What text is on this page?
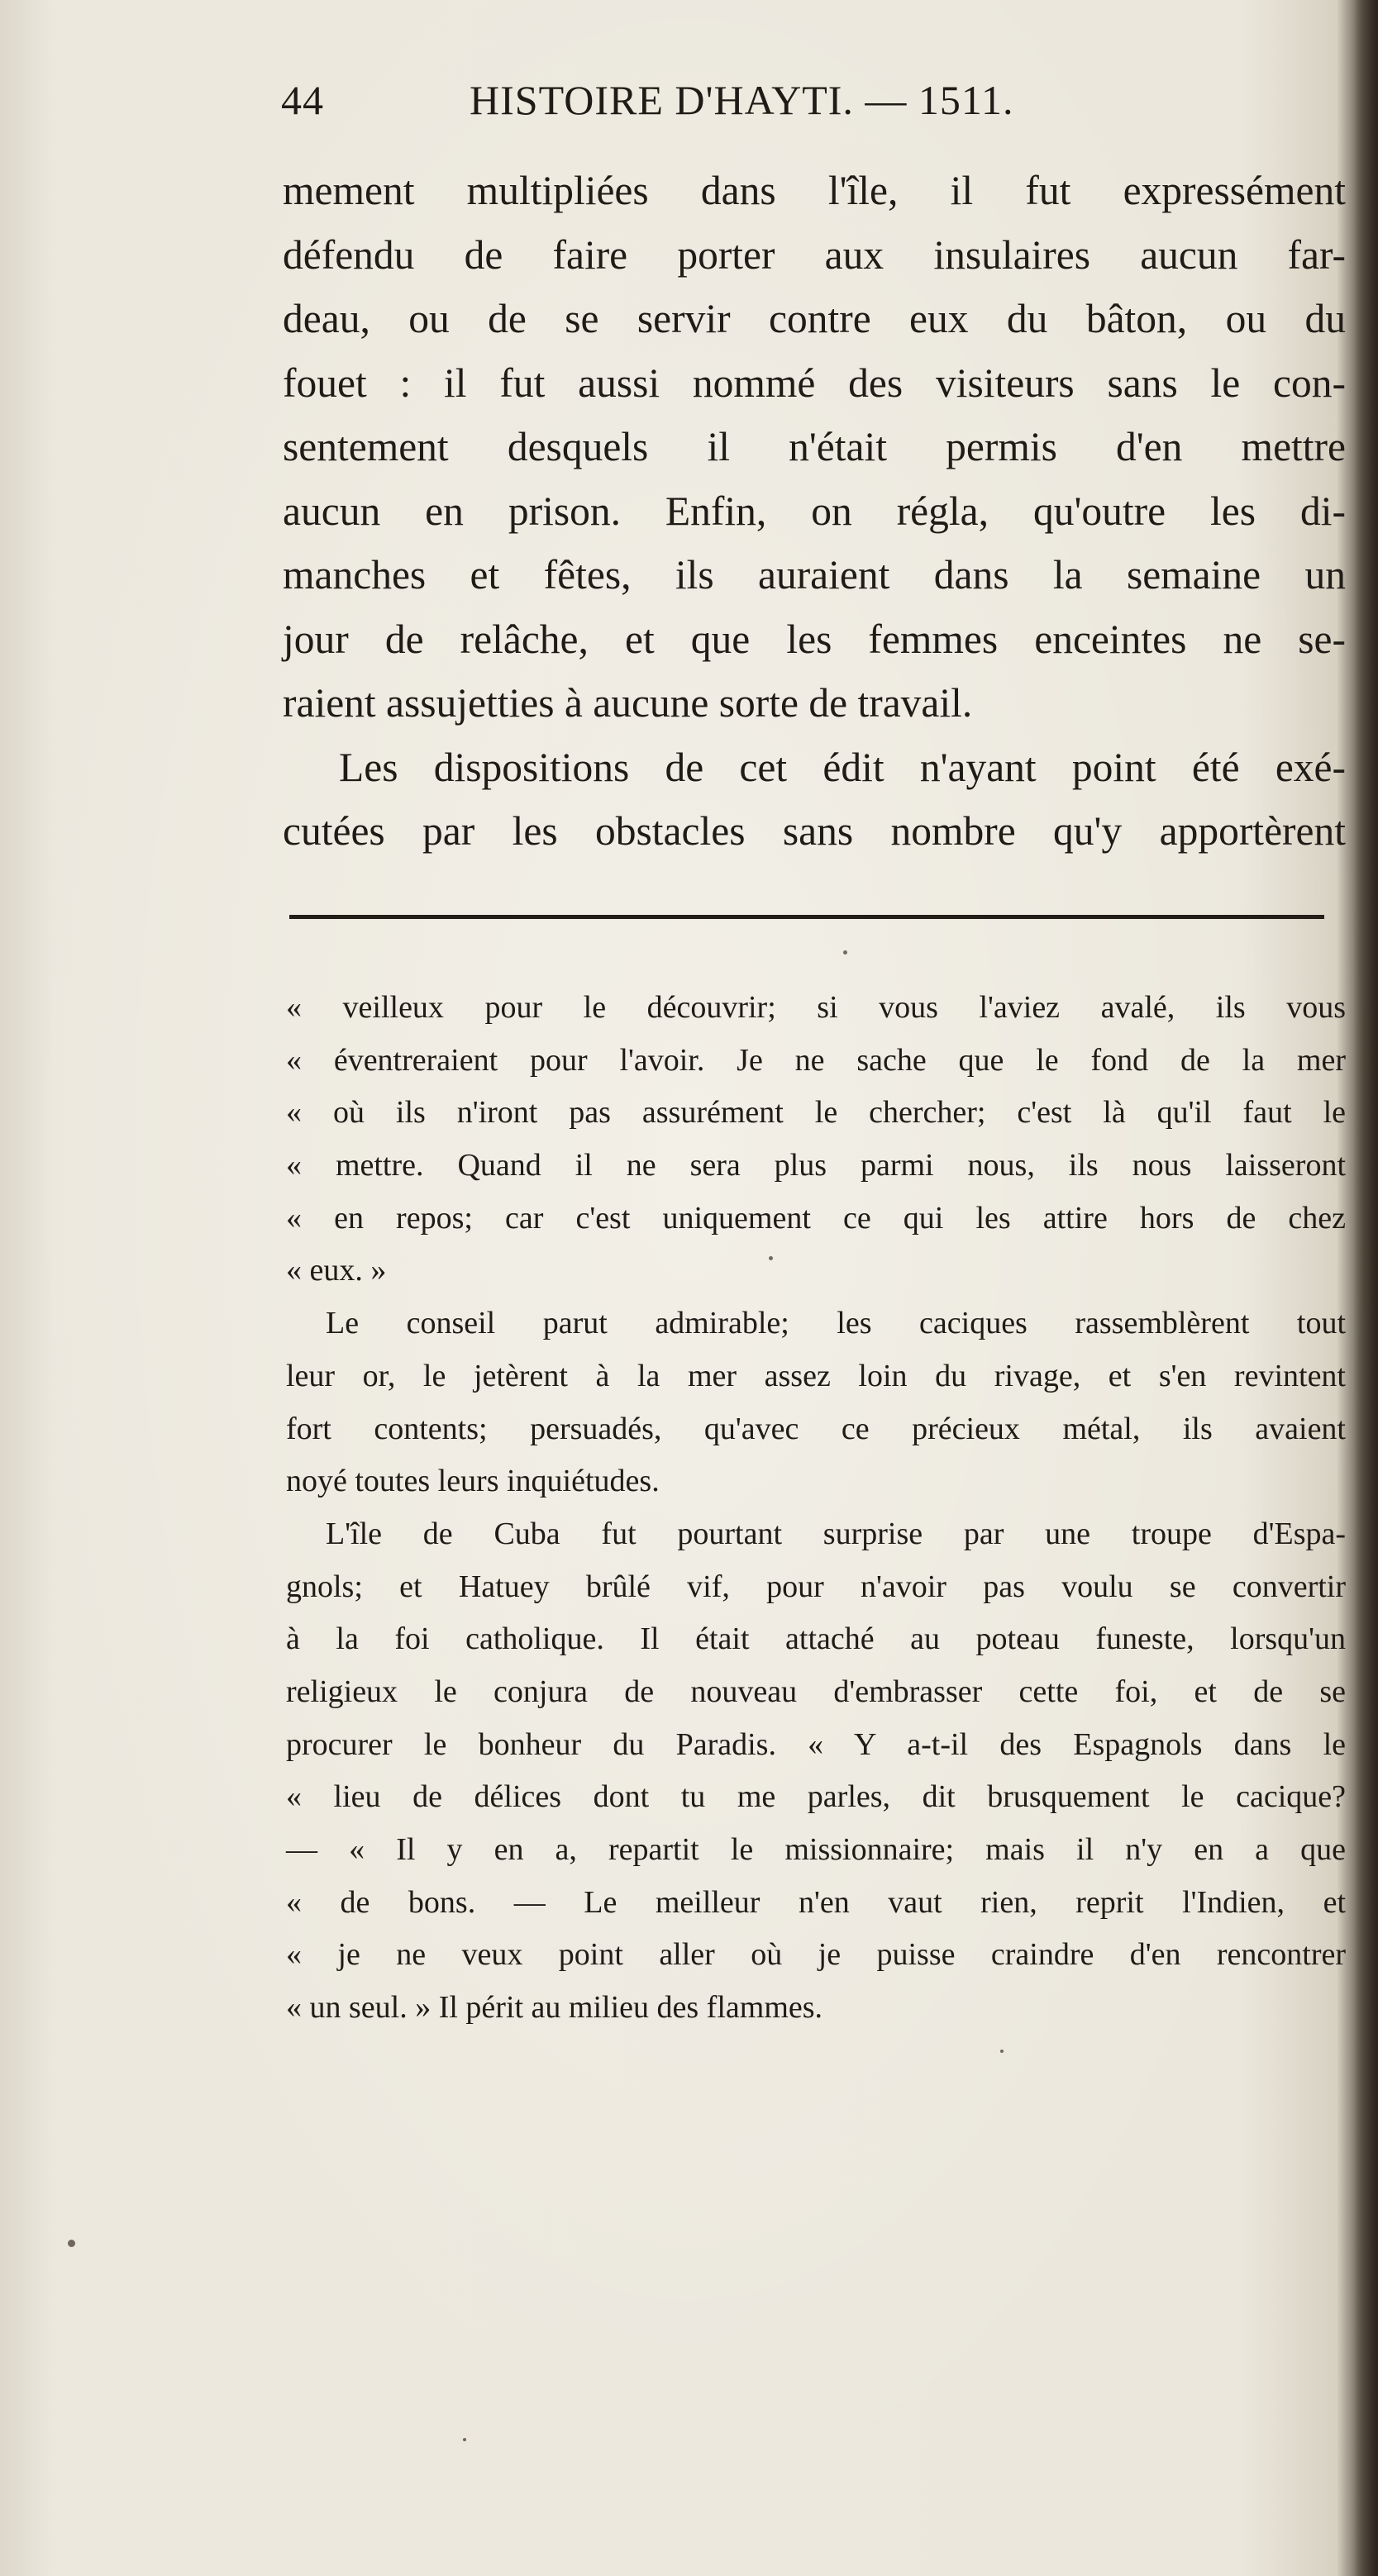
44	HISTOIRE D'HAYTI. — 1511.
mement multipliées dans l'île, il fut expressément
défendu de faire porter aux insulaires aucun far-
deau, ou de se servir contre eux du bâton, ou du
fouet : il fut aussi nommé des visiteurs sans le con-
sentement desquels il n'était permis d'en mettre
aucun en prison. Enfin, on régla, qu'outre les di-
manches et fêtes, ils auraient dans la semaine un
jour de relâche, et que les femmes enceintes ne se-
raient assujetties à aucune sorte de travail.
Les dispositions de cet édit n'ayant point été exé-
cutées par les obstacles sans nombre qu'y apportèrent
« veilleux pour le découvrir; si vous l'aviez avalé, ils vous
« éventreraient pour l'avoir. Je ne sache que le fond de la mer
« où ils n'iront pas assurément le chercher; c'est là qu'il faut le
« mettre. Quand il ne sera plus parmi nous, ils nous laisseront
« en repos; car c'est uniquement ce qui les attire hors de chez
« eux. »
Le conseil parut admirable; les caciques rassemblèrent tout
leur or, le jetèrent à la mer assez loin du rivage, et s'en revintent
fort contents; persuadés, qu'avec ce précieux métal, ils avaient
noyé toutes leurs inquiétudes.
L'île de Cuba fut pourtant surprise par une troupe d'Espa-
gnols; et Hatuey brûlé vif, pour n'avoir pas voulu se convertir
à la foi catholique. Il était attaché au poteau funeste, lorsqu'un
religieux le conjura de nouveau d'embrasser cette foi, et de se
procurer le bonheur du Paradis. « Y a-t-il des Espagnols dans le
« lieu de délices dont tu me parles, dit brusquement le cacique?
— « Il y en a, repartit le missionnaire; mais il n'y en a que
« de bons. — Le meilleur n'en vaut rien, reprit l'Indien, et
« je ne veux point aller où je puisse craindre d'en rencontrer
« un seul. » Il périt au milieu des flammes.
